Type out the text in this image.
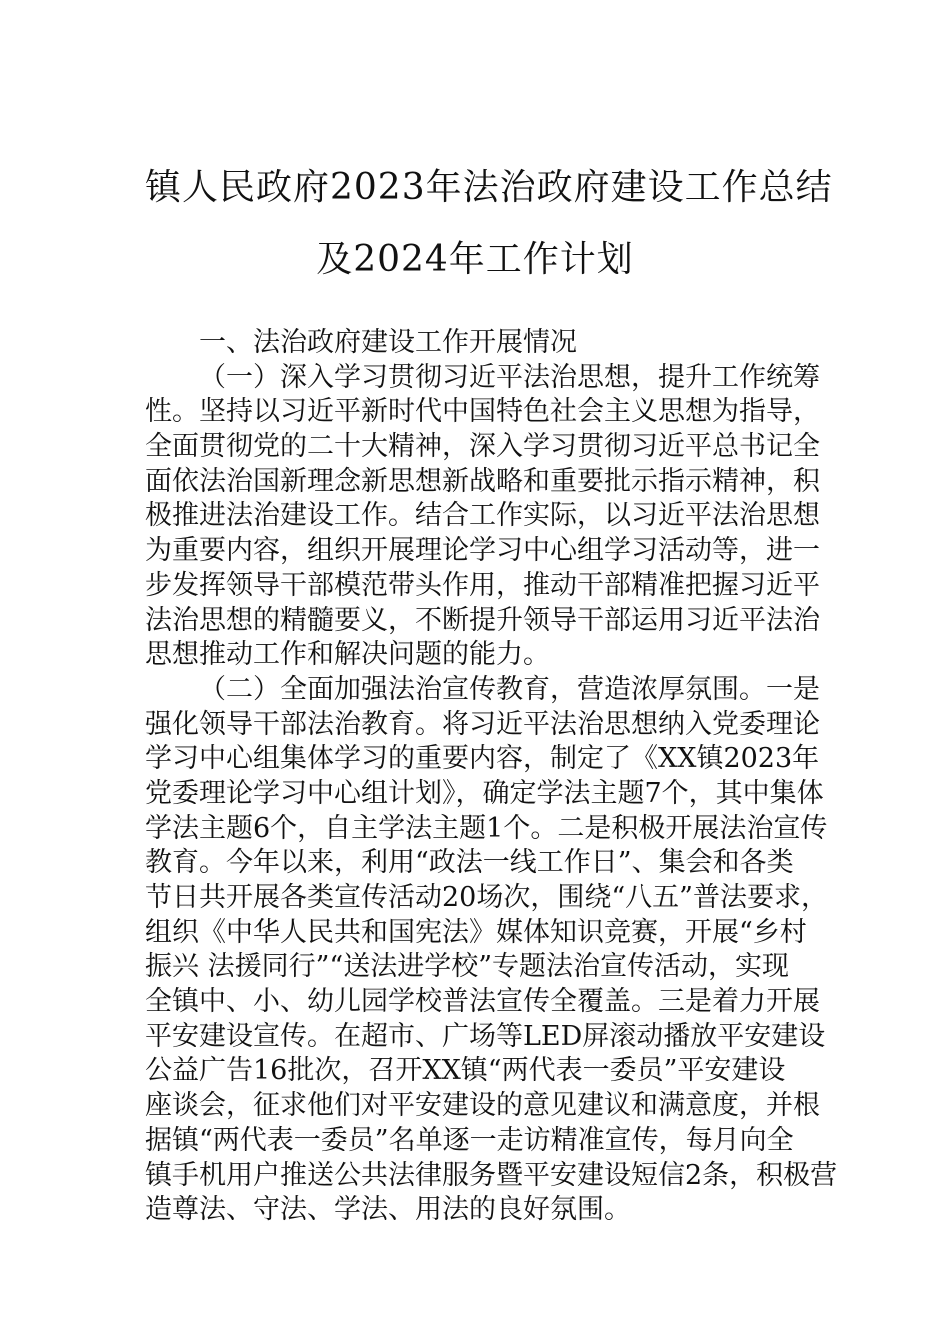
镇人民政府2023年法治政府建设工作总结
及2024年工作计划
一、法治政府建设工作开展情况
（一）深入学习贯彻习近平法治思想，提升工作统筹
性。坚持以习近平新时代中国特色社会主义思想为指导，
全面贯彻党的二十大精神，深入学习贯彻习近平总书记全
面依法治国新理念新思想新战略和重要批示指示精神，积
极推进法治建设工作。结合工作实际，以习近平法治思想
为重要内容，组织开展理论学习中心组学习活动等，进一
步发挥领导干部模范带头作用，推动干部精准把握习近平
法治思想的精髓要义，不断提升领导干部运用习近平法治
思想推动工作和解决问题的能力。
（二）全面加强法治宣传教育，营造浓厚氛围。一是
强化领导干部法治教育。将习近平法治思想纳入党委理论
学习中心组集体学习的重要内容，制定了《XX镇2023年
党委理论学习中心组计划》，确定学法主题7个，其中集体
学法主题6个，自主学法主题1个。二是积极开展法治宣传
教育。今年以来，利用“政法一线工作日”、集会和各类
节日共开展各类宣传活动20场次，围绕“八五”普法要求，
组织《中华人民共和国宪法》媒体知识竞赛，开展“乡村
振兴 法援同行”“送法进学校”专题法治宣传活动，实现
全镇中、小、幼儿园学校普法宣传全覆盖。三是着力开展
平安建设宣传。在超市、广场等LED屏滚动播放平安建设
公益广告16批次，召开XX镇“两代表一委员”平安建设
座谈会，征求他们对平安建设的意见建议和满意度，并根
据镇“两代表一委员”名单逐一走访精准宣传，每月向全
镇手机用户推送公共法律服务暨平安建设短信2条，积极营
造尊法、守法、学法、用法的良好氛围。
